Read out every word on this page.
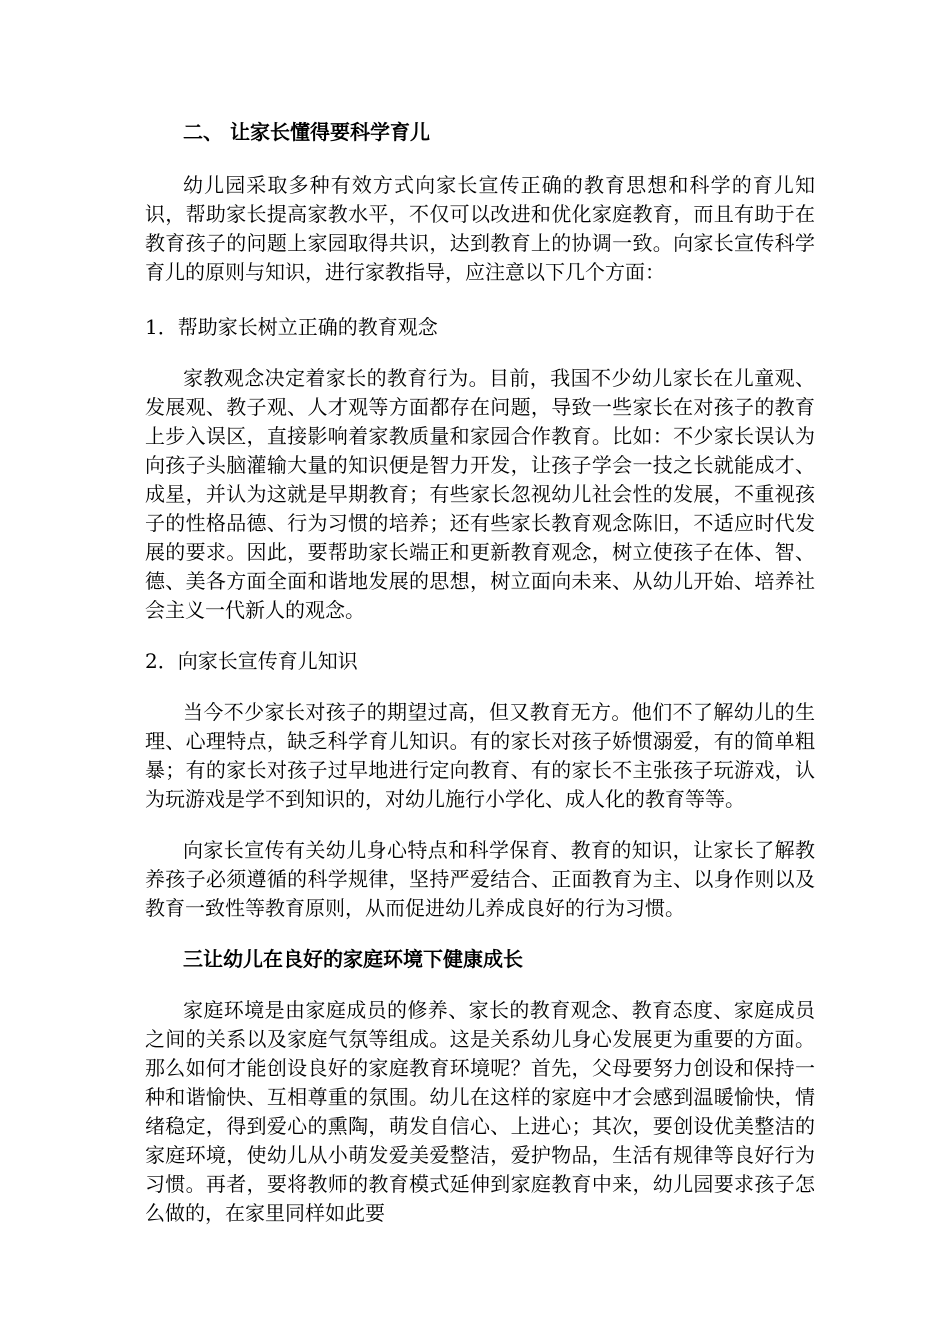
二、 让家长懂得要科学育儿

幼儿园采取多种有效方式向家长宣传正确的教育思想和科学的育儿知识，帮助家长提高家教水平，不仅可以改进和优化家庭教育，而且有助于在教育孩子的问题上家园取得共识，达到教育上的协调一致。向家长宣传科学育儿的原则与知识，进行家教指导，应注意以下几个方面：

1．帮助家长树立正确的教育观念

家教观念决定着家长的教育行为。目前，我国不少幼儿家长在儿童观、发展观、教子观、人才观等方面都存在问题，导致一些家长在对孩子的教育上步入误区，直接影响着家教质量和家园合作教育。比如：不少家长误认为向孩子头脑灌输大量的知识便是智力开发，让孩子学会一技之长就能成才、成星，并认为这就是早期教育；有些家长忽视幼儿社会性的发展，不重视孩子的性格品德、行为习惯的培养；还有些家长教育观念陈旧，不适应时代发展的要求。因此，要帮助家长端正和更新教育观念，树立使孩子在体、智、德、美各方面全面和谐地发展的思想，树立面向未来、从幼儿开始、培养社会主义一代新人的观念。

2．向家长宣传育儿知识

当今不少家长对孩子的期望过高，但又教育无方。他们不了解幼儿的生理、心理特点，缺乏科学育儿知识。有的家长对孩子娇惯溺爱，有的简单粗暴；有的家长对孩子过早地进行定向教育、有的家长不主张孩子玩游戏，认为玩游戏是学不到知识的，对幼儿施行小学化、成人化的教育等等。

向家长宣传有关幼儿身心特点和科学保育、教育的知识，让家长了解教养孩子必须遵循的科学规律，坚持严爱结合、正面教育为主、以身作则以及教育一致性等教育原则，从而促进幼儿养成良好的行为习惯。

三让幼儿在良好的家庭环境下健康成长

家庭环境是由家庭成员的修养、家长的教育观念、教育态度、家庭成员之间的关系以及家庭气氛等组成。这是关系幼儿身心发展更为重要的方面。那么如何才能创设良好的家庭教育环境呢？首先，父母要努力创设和保持一种和谐愉快、互相尊重的氛围。幼儿在这样的家庭中才会感到温暖愉快，情绪稳定，得到爱心的熏陶，萌发自信心、上进心；其次，要创设优美整洁的家庭环境，使幼儿从小萌发爱美爱整洁，爱护物品，生活有规律等良好行为习惯。再者，要将教师的教育模式延伸到家庭教育中来，幼儿园要求孩子怎么做的，在家里同样如此要
